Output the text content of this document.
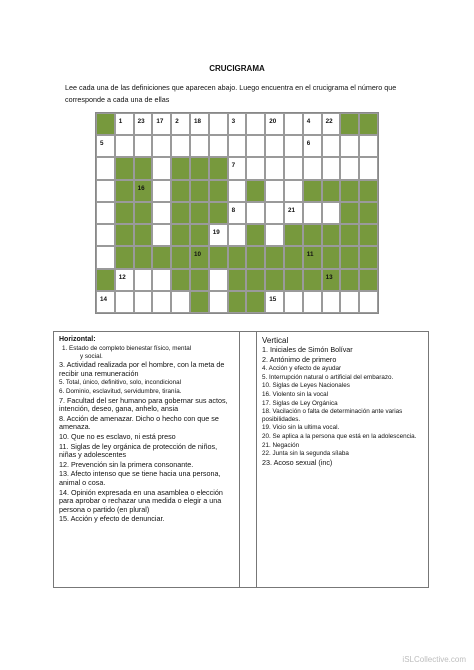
CRUCIGRAMA
Lee cada una de las definiciones que aparecen abajo. Luego encuentra en el crucigrama el número que corresponde a cada una de ellas
1 23 17 2 18	3	20	4 22
5	6
7
16
8	21
19
10	11
12	13
14	15
Horizontal:
1. Estado de completo bienestar físico, mental
y social.
3. Actividad realizada por el hombre, con la meta de recibir una remuneración
5. Total, único, definitivo, solo, incondicional
6. Dominio, esclavitud, servidumbre, tiranía.
7. Facultad del ser humano para gobernar sus actos, intención, deseo, gana, anhelo, ansia
8. Acción de amenazar. Dicho o hecho con que se amenaza.
10. Que no es esclavo, ni está preso
11. Siglas de ley orgánica de protección de niños, niñas y adolescentes
12. Prevención sin la primera consonante.
13. Afecto intenso que se tiene hacia una persona, animal o cosa.
14. Opinión expresada en una asamblea o elección para aprobar o rechazar una medida o elegir a una persona o partido (en plural)
15. Acción y efecto de denunciar.
Vertical
1. Iniciales de Simón Bolívar
2. Antónimo de primero
4. Acción y efecto de ayudar
5. Interrupción natural o artificial del embarazo.
10. Siglas de Leyes Nacionales
16. Violento sin la vocal
17. Siglas de Ley Orgánica
18. Vacilación o falta de determinación ante varias posibilidades.
19. Vicio sin la ultima vocal.
20. Se aplica a la persona que está en la adolescencia.
21. Negación
22. Junta sin la segunda sílaba
23. Acoso sexual (inc)
iSLCollective.com
